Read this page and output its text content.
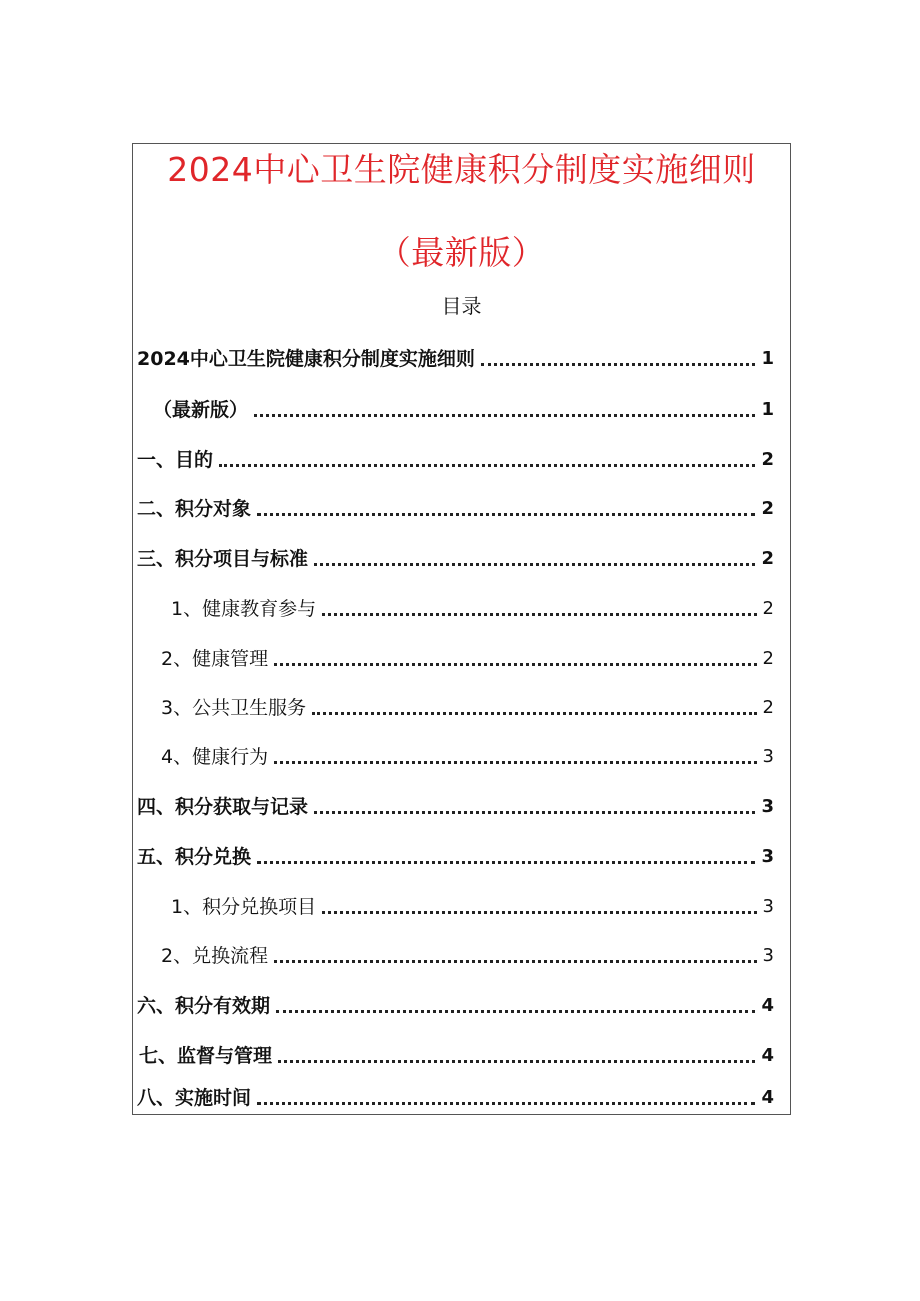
2024中心卫生院健康积分制度实施细则
（最新版）
目录
2024中心卫生院健康积分制度实施细则	1
（最新版）	1
一、目的	2
二、积分对象	2
三、积分项目与标准	2
1、健康教育参与	2
2、健康管理	2
3、公共卫生服务	2
4、健康行为	3
四、积分获取与记录	3
五、积分兑换	3
1、积分兑换项目	3
2、兑换流程	3
六、积分有效期	4
七、监督与管理	4
八、实施时间	4
